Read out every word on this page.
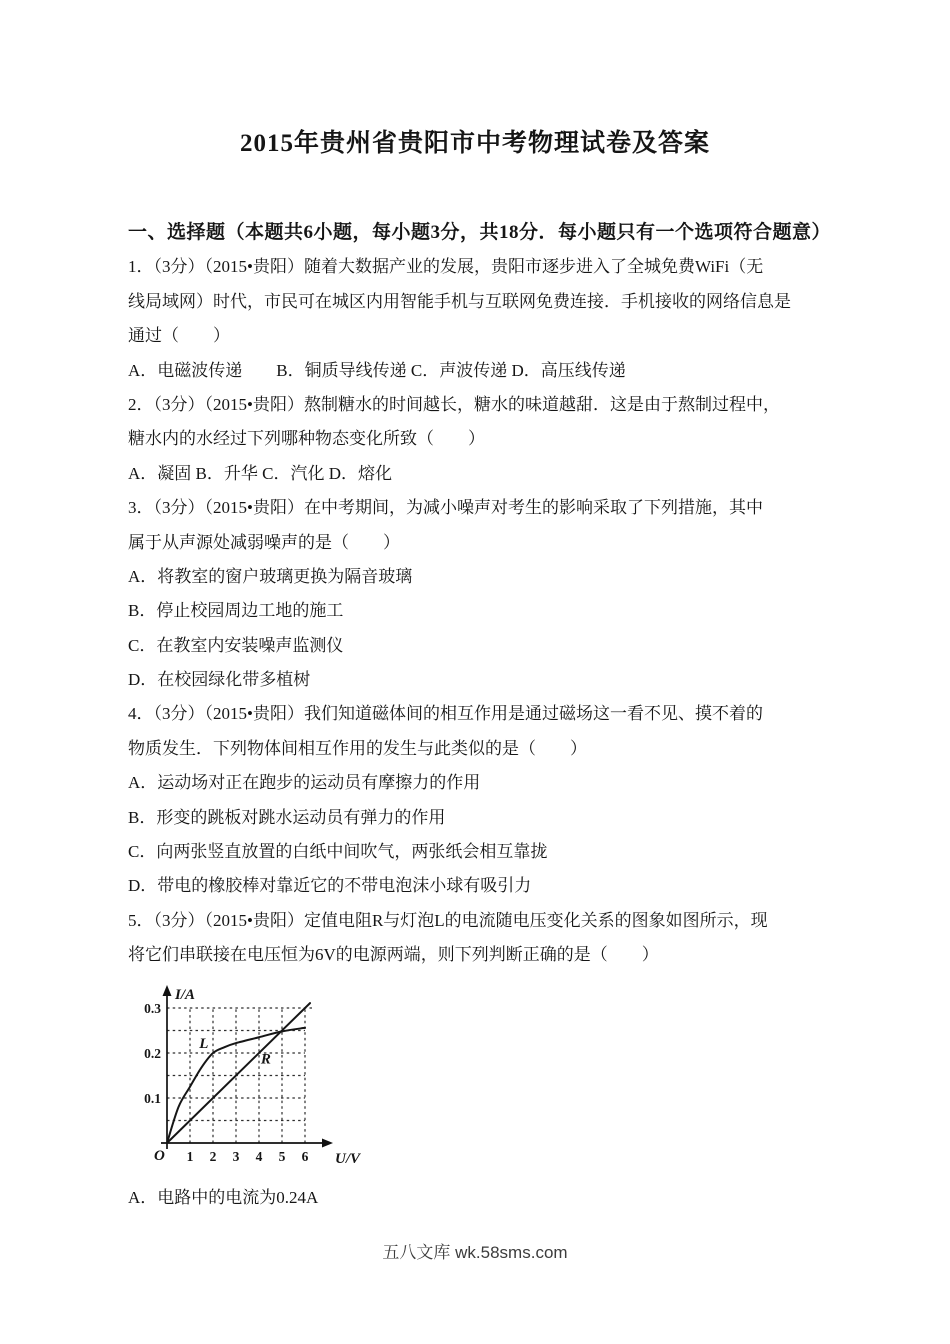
2015年贵州省贵阳市中考物理试卷及答案
一、选择题（本题共6小题，每小题3分，共18分．每小题只有一个选项符合题意）
1．（3分）（2015•贵阳）随着大数据产业的发展，贵阳市逐步进入了全城免费WiFi（无
线局域网）时代，市民可在城区内用智能手机与互联网免费连接．手机接收的网络信息是
通过（　　）
A．电磁波传递　　B．铜质导线传递 C．声波传递 D．高压线传递
2．（3分）（2015•贵阳）熬制糖水的时间越长，糖水的味道越甜．这是由于熬制过程中，
糖水内的水经过下列哪种物态变化所致（　　）
A．凝固 B．升华 C．汽化 D．熔化
3．（3分）（2015•贵阳）在中考期间，为减小噪声对考生的影响采取了下列措施，其中
属于从声源处减弱噪声的是（　　）
A．将教室的窗户玻璃更换为隔音玻璃
B．停止校园周边工地的施工
C．在教室内安装噪声监测仪
D．在校园绿化带多植树
4．（3分）（2015•贵阳）我们知道磁体间的相互作用是通过磁场这一看不见、摸不着的
物质发生．下列物体间相互作用的发生与此类似的是（　　）
A．运动场对正在跑步的运动员有摩擦力的作用
B．形变的跳板对跳水运动员有弹力的作用
C．向两张竖直放置的白纸中间吹气，两张纸会相互靠拢
D．带电的橡胶棒对靠近它的不带电泡沫小球有吸引力
5．（3分）（2015•贵阳）定值电阻R与灯泡L的电流随电压变化关系的图象如图所示，现
将它们串联接在电压恒为6V的电源两端，则下列判断正确的是（　　）
1 2 3 4 5 6
0.1
0.2
0.3
I/A
U/V
O
L
R
A．电路中的电流为0.24A
五八文库 wk.58sms.com
